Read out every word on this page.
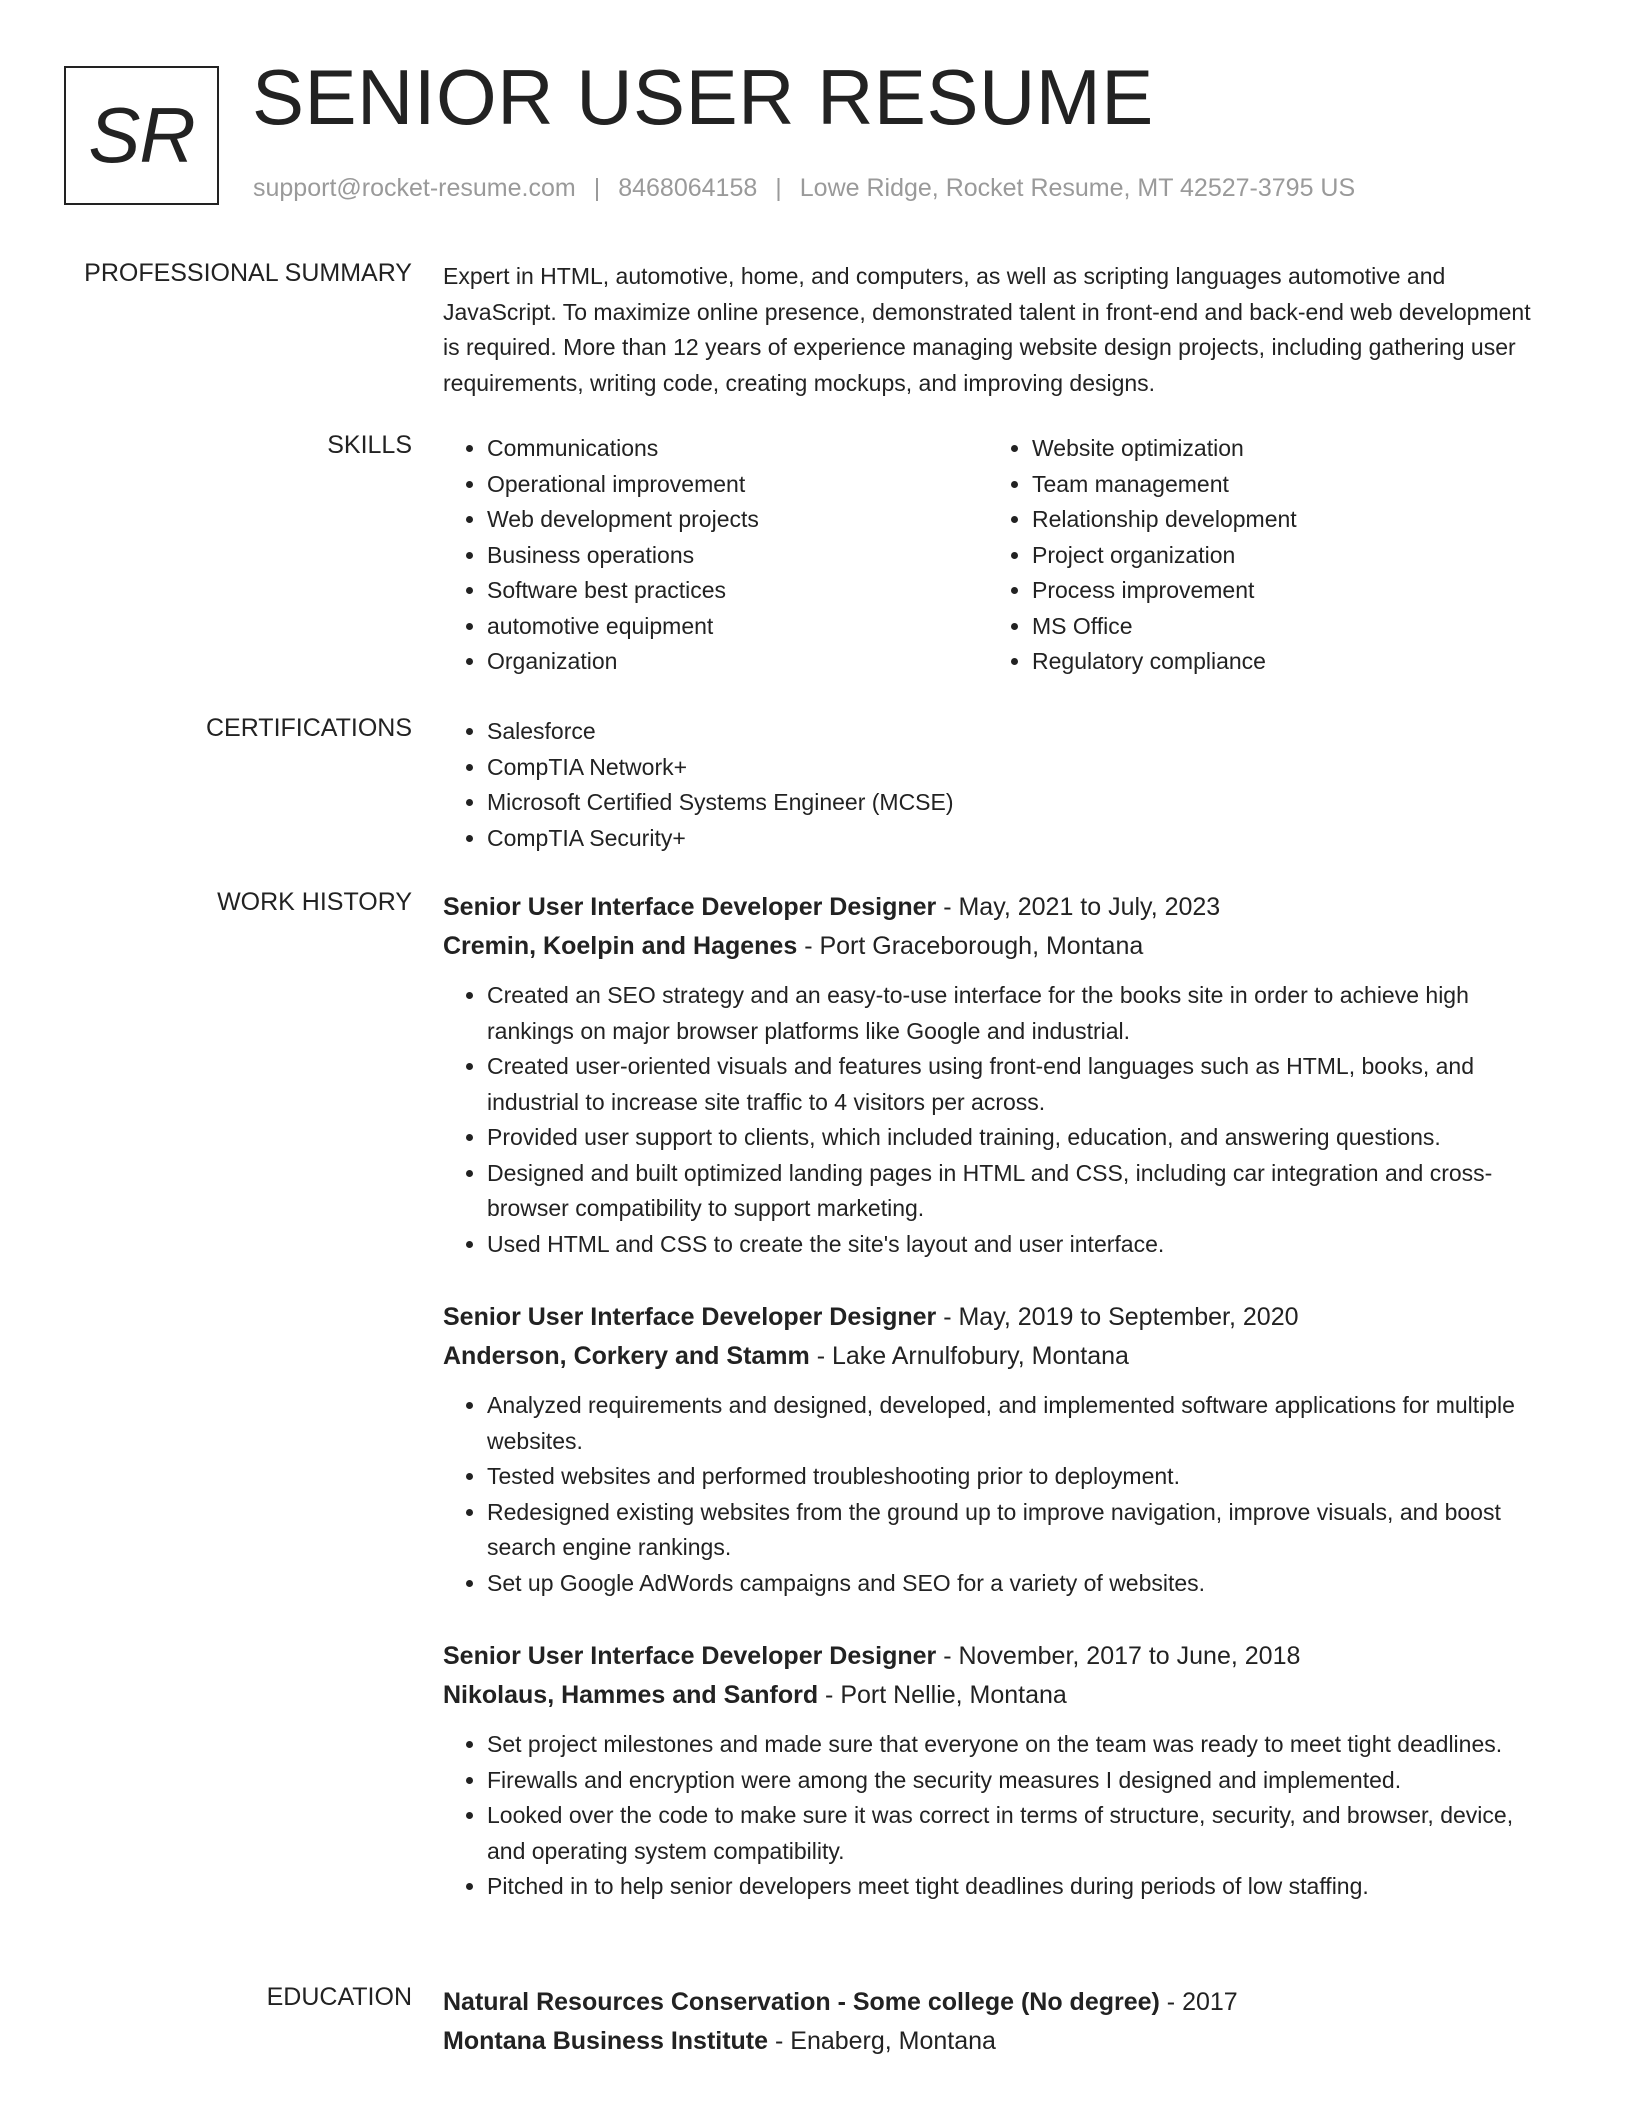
SR SENIOR USER RESUME
support@rocket-resume.com | 8468064158 | Lowe Ridge, Rocket Resume, MT 42527-3795 US
PROFESSIONAL SUMMARY Expert in HTML, automotive, home, and computers, as well as scripting languages automotive and JavaScript. To maximize online presence, demonstrated talent in front-end and back-end web development is required. More than 12 years of experience managing website design projects, including gathering user requirements, writing code, creating mockups, and improving designs.
SKILLS	• Communications
• Operational improvement
• Web development projects
• Business operations
• Software best practices
• automotive equipment
• Organization
• Website optimization
• Team management
• Relationship development
• Project organization
• Process improvement
• MS Office
• Regulatory compliance
CERTIFICATIONS	• Salesforce
• CompTIA Network+
• Microsoft Certified Systems Engineer (MCSE)
• CompTIA Security+
WORK HISTORY Senior User Interface Developer Designer - May, 2021 to July, 2023
Cremin, Koelpin and Hagenes - Port Graceborough, Montana
• Created an SEO strategy and an easy-to-use interface for the books site in order to achieve high rankings on major browser platforms like Google and industrial.
• Created user-oriented visuals and features using front-end languages such as HTML, books, and industrial to increase site traffic to 4 visitors per across.
• Provided user support to clients, which included training, education, and answering questions.
• Designed and built optimized landing pages in HTML and CSS, including car integration and cross-browser compatibility to support marketing.
• Used HTML and CSS to create the site's layout and user interface.
Senior User Interface Developer Designer - May, 2019 to September, 2020
Anderson, Corkery and Stamm - Lake Arnulfobury, Montana
• Analyzed requirements and designed, developed, and implemented software applications for multiple websites.
• Tested websites and performed troubleshooting prior to deployment.
• Redesigned existing websites from the ground up to improve navigation, improve visuals, and boost search engine rankings.
• Set up Google AdWords campaigns and SEO for a variety of websites.
Senior User Interface Developer Designer - November, 2017 to June, 2018
Nikolaus, Hammes and Sanford - Port Nellie, Montana
• Set project milestones and made sure that everyone on the team was ready to meet tight deadlines.
• Firewalls and encryption were among the security measures I designed and implemented.
• Looked over the code to make sure it was correct in terms of structure, security, and browser, device, and operating system compatibility.
• Pitched in to help senior developers meet tight deadlines during periods of low staffing.
EDUCATION Natural Resources Conservation - Some college (No degree) - 2017
Montana Business Institute - Enaberg, Montana
